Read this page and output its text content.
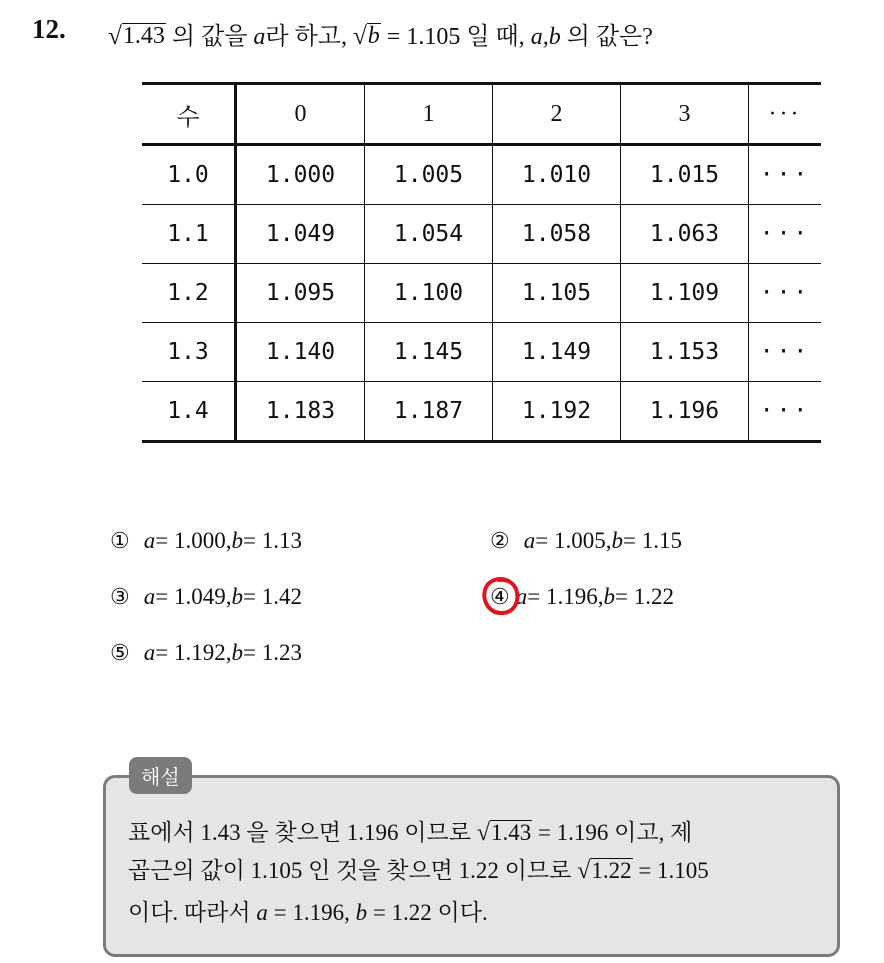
12. √ 1.43 의 값을 a라 하고, √ b = 1.105 일 때, a,b 의 값은?
수	0	1	2	3	···
1.0	1.000	1.005	1.010	1.015	···
1.1	1.049	1.054	1.058	1.063	···
1.2	1.095	1.100	1.105	1.109	···
1.3	1.140	1.145	1.149	1.153	···
1.4	1.183	1.187	1.192	1.196	···
① a = 1.000, b = 1.13	② a = 1.005, b = 1.15
③ a = 1.049, b = 1.42	④ a = 1.196, b = 1.22
⑤ a = 1.192, b = 1.23
해설
표에서 1.43 을 찾으면 1.196 이므로 √ 1.43 = 1.196 이고, 제
곱근의 값이 1.105 인 것을 찾으면 1.22 이므로 √ 1.22 = 1.105
이다. 따라서 a = 1.196, b = 1.22 이다.
